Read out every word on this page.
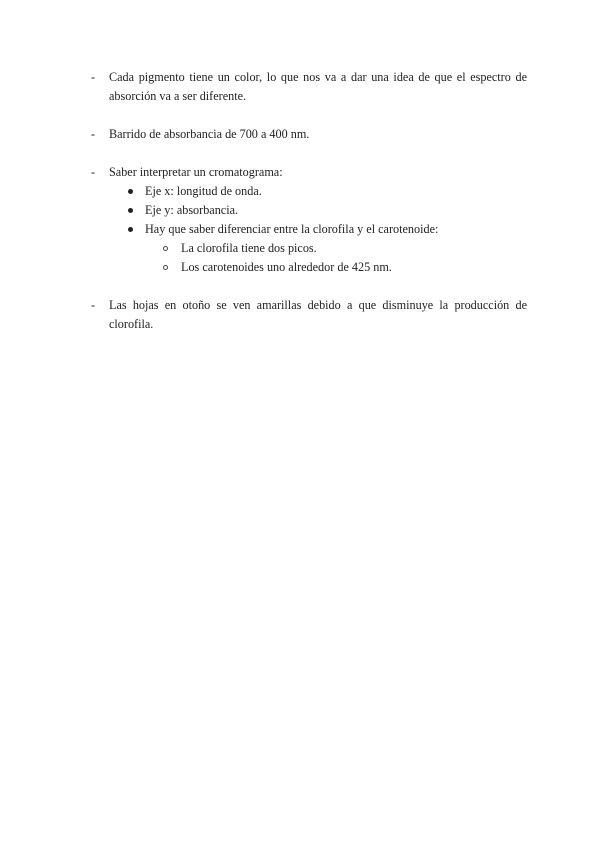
-	Cada pigmento tiene un color, lo que nos va a dar una idea de que el espectro de absorción va a ser diferente.
-	Barrido de absorbancia de 700 a 400 nm.
-	Saber interpretar un cromatograma:
Eje x: longitud de onda.
Eje y: absorbancia.
Hay que saber diferenciar entre la clorofila y el carotenoide:
La clorofila tiene dos picos.
Los carotenoides uno alrededor de 425 nm.
-	Las hojas en otoño se ven amarillas debido a que disminuye la producción de clorofila.
